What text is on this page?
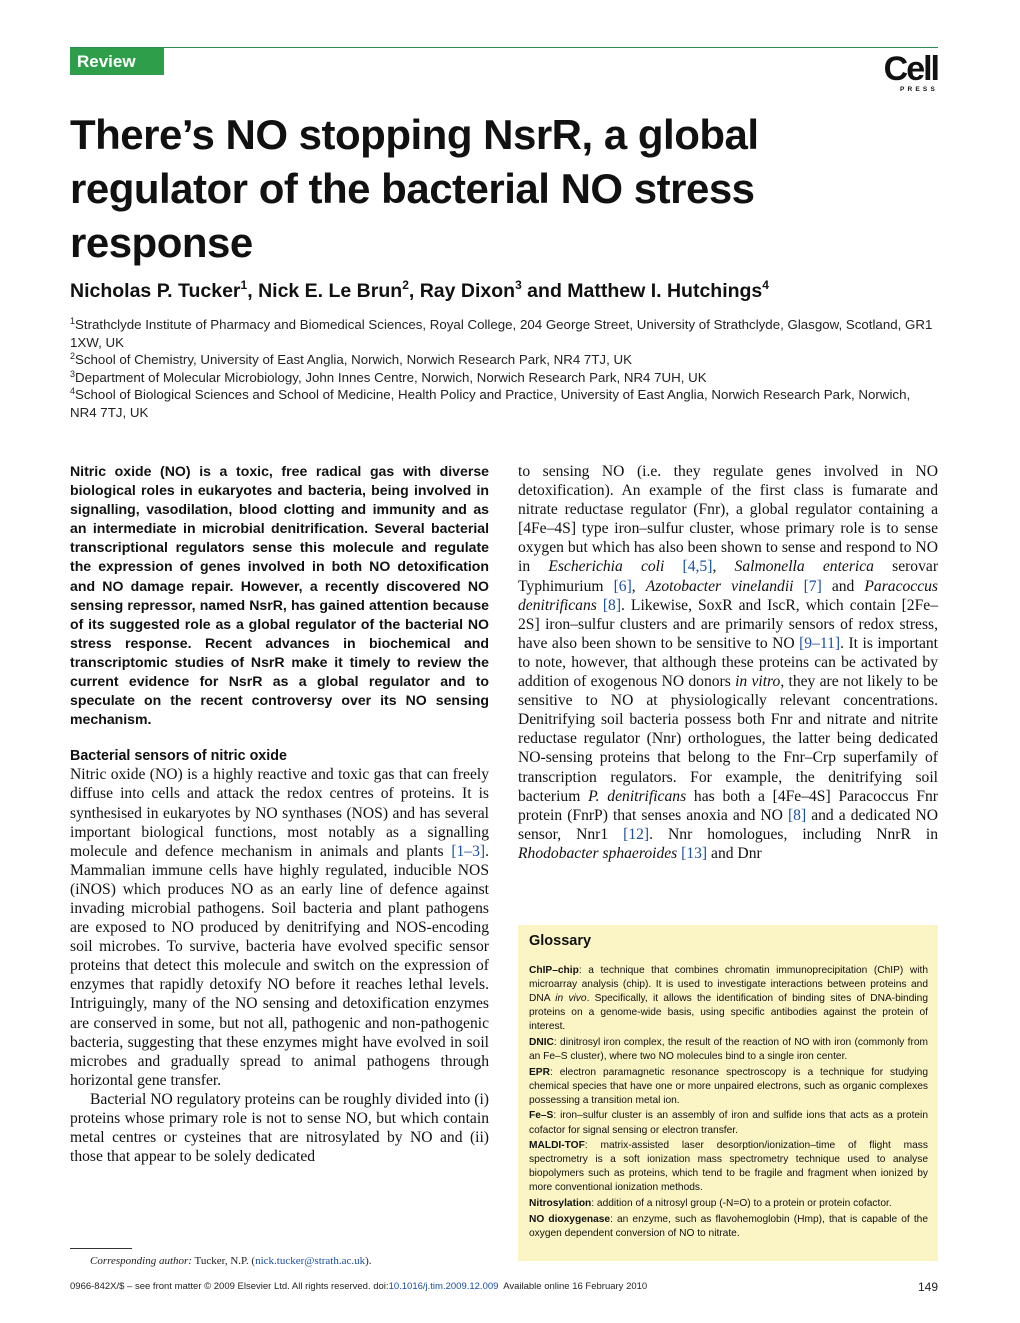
Review	Cell
PRESS
There’s NO stopping NsrR, a global regulator of the bacterial NO stress response
Nicholas P. Tucker$^1$, Nick E. Le Brun$^2$, Ray Dixon$^3$ and Matthew I. Hutchings$^4$
$^1$Strathclyde Institute of Pharmacy and Biomedical Sciences, Royal College, 204 George Street, University of Strathclyde, Glasgow, Scotland, GR1 1XW, UK
$^2$School of Chemistry, University of East Anglia, Norwich, Norwich Research Park, NR4 7TJ, UK
$^3$Department of Molecular Microbiology, John Innes Centre, Norwich, Norwich Research Park, NR4 7UH, UK
$^4$School of Biological Sciences and School of Medicine, Health Policy and Practice, University of East Anglia, Norwich Research Park, Norwich, NR4 7TJ, UK

Nitric oxide (NO) is a toxic, free radical gas with diverse biological roles in eukaryotes and bacteria, being involved in signalling, vasodilation, blood clotting and immunity and as an intermediate in microbial denitrification. Several bacterial transcriptional regulators sense this molecule and regulate the expression of genes involved in both NO detoxification and NO damage repair. However, a recently discovered NO sensing repressor, named NsrR, has gained attention because of its suggested role as a global regulator of the bacterial NO stress response. Recent advances in biochemical and transcriptomic studies of NsrR make it timely to review the current evidence for NsrR as a global regulator and to speculate on the recent controversy over its NO sensing mechanism.

Bacterial sensors of nitric oxide

Nitric oxide (NO) is a highly reactive and toxic gas that can freely diffuse into cells and attack the redox centres of proteins. It is synthesised in eukaryotes by NO synthases (NOS) and has several important biological functions, most notably as a signalling molecule and defence mechanism in animals and plants [1–3]. Mammalian immune cells have highly regulated, inducible NOS (iNOS) which produces NO as an early line of defence against invading microbial pathogens. Soil bacteria and plant pathogens are exposed to NO produced by denitrifying and NOS-encoding soil microbes. To survive, bacteria have evolved specific sensor proteins that detect this molecule and switch on the expression of enzymes that rapidly detoxify NO before it reaches lethal levels. Intriguingly, many of the NO sensing and detoxification enzymes are conserved in some, but not all, pathogenic and non-pathogenic bacteria, suggesting that these enzymes might have evolved in soil microbes and gradually spread to animal pathogens through horizontal gene transfer.

Bacterial NO regulatory proteins can be roughly divided into (i) proteins whose primary role is not to sense NO, but which contain metal centres or cysteines that are nitrosylated by NO and (ii) those that appear to be solely dedicated

to sensing NO (i.e. they regulate genes involved in NO detoxification). An example of the first class is fumarate and nitrate reductase regulator (Fnr), a global regulator containing a [4Fe–4S] type iron–sulfur cluster, whose primary role is to sense oxygen but which has also been shown to sense and respond to NO in Escherichia coli [4,5], Salmonella enterica serovar Typhimurium [6], Azotobacter vinelandii [7] and Paracoccus denitrificans [8]. Likewise, SoxR and IscR, which contain [2Fe–2S] iron–sulfur clusters and are primarily sensors of redox stress, have also been shown to be sensitive to NO [9–11]. It is important to note, however, that although these proteins can be activated by addition of exogenous NO donors in vitro, they are not likely to be sensitive to NO at physiologically relevant concentrations. Denitrifying soil bacteria possess both Fnr and nitrate and nitrite reductase regulator (Nnr) orthologues, the latter being dedicated NO-sensing proteins that belong to the Fnr–Crp superfamily of transcription regulators. For example, the denitrifying soil bacterium P. denitrificans has both a [4Fe–4S] Paracoccus Fnr protein (FnrP) that senses anoxia and NO [8] and a dedicated NO sensor, Nnr1 [12]. Nnr homologues, including NnrR in Rhodobacter sphaeroides [13] and Dnr

Glossary

ChIP–chip: a technique that combines chromatin immunoprecipitation (ChIP) with microarray analysis (chip). It is used to investigate interactions between proteins and DNA in vivo. Specifically, it allows the identification of binding sites of DNA-binding proteins on a genome-wide basis, using specific antibodies against the protein of interest.

DNIC: dinitrosyl iron complex, the result of the reaction of NO with iron (commonly from an Fe–S cluster), where two NO molecules bind to a single iron center.

EPR: electron paramagnetic resonance spectroscopy is a technique for studying chemical species that have one or more unpaired electrons, such as organic complexes possessing a transition metal ion.

Fe–S: iron–sulfur cluster is an assembly of iron and sulfide ions that acts as a protein cofactor for signal sensing or electron transfer.

MALDI-TOF: matrix-assisted laser desorption/ionization–time of flight mass spectrometry is a soft ionization mass spectrometry technique used to analyse biopolymers such as proteins, which tend to be fragile and fragment when ionized by more conventional ionization methods.

Nitrosylation: addition of a nitrosyl group (-N=O) to a protein or protein cofactor.

NO dioxygenase: an enzyme, such as flavohemoglobin (Hmp), that is capable of the oxygen dependent conversion of NO to nitrate.

Corresponding author: Tucker, N.P. (nick.tucker@strath.ac.uk).
0966-842X/$ – see front matter © 2009 Elsevier Ltd. All rights reserved. doi:10.1016/j.tim.2009.12.009  Available online 16 February 2010	149
